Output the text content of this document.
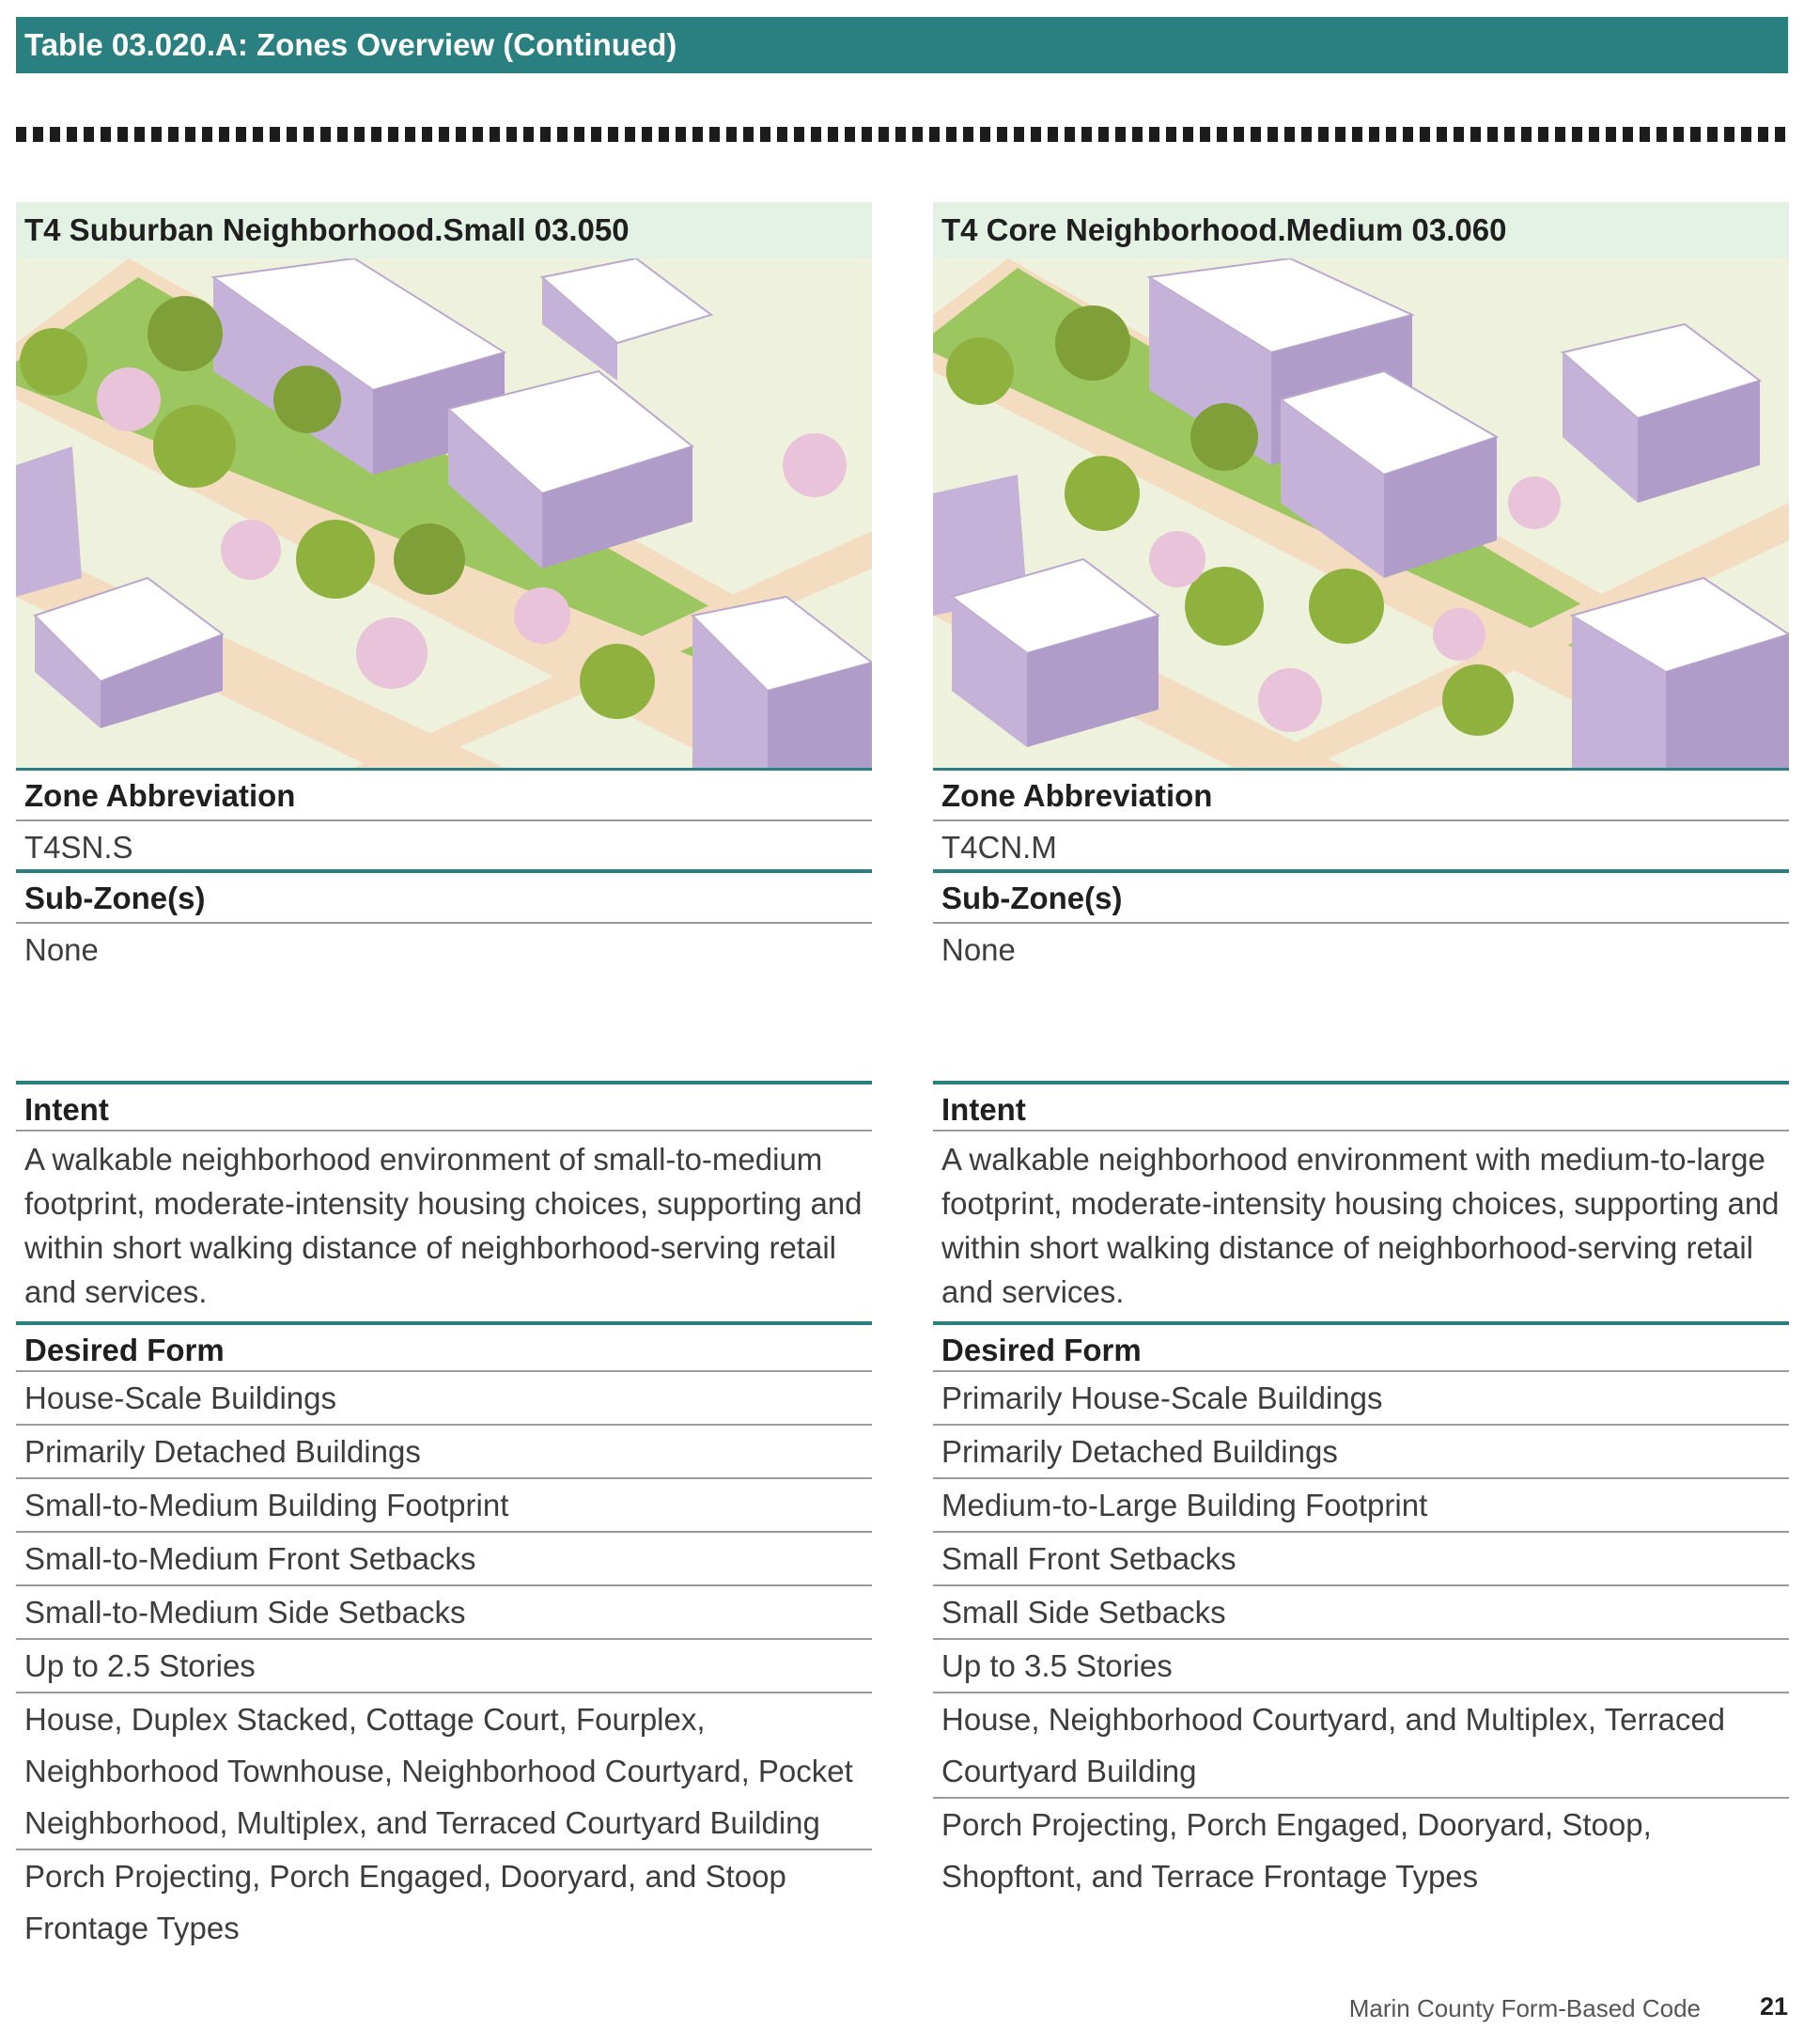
Table 03.020.A: Zones Overview (Continued)
T4 Suburban Neighborhood.Small 03.050
Zone Abbreviation
T4SN.S
Sub-Zone(s)
None
Intent
A walkable neighborhood environment of small-to-medium footprint, moderate-intensity housing choices, supporting and within short walking distance of neighborhood-serving retail and services.
Desired Form
House-Scale Buildings
Primarily Detached Buildings
Small-to-Medium Building Footprint
Small-to-Medium Front Setbacks
Small-to-Medium Side Setbacks
Up to 2.5 Stories
House, Duplex Stacked, Cottage Court, Fourplex, Neighborhood Townhouse, Neighborhood Courtyard, Pocket Neighborhood, Multiplex, and Terraced Courtyard Building
Porch Projecting, Porch Engaged, Dooryard, and Stoop Frontage Types
T4 Core Neighborhood.Medium 03.060
Zone Abbreviation
T4CN.M
Sub-Zone(s)
None
Intent
A walkable neighborhood environment with medium-to-large footprint, moderate-intensity housing choices, supporting and within short walking distance of neighborhood-serving retail and services.
Desired Form
Primarily House-Scale Buildings
Primarily Detached Buildings
Medium-to-Large Building Footprint
Small Front Setbacks
Small Side Setbacks
Up to 3.5 Stories
House, Neighborhood Courtyard, and Multiplex, Terraced Courtyard Building
Porch Projecting, Porch Engaged, Dooryard, Stoop, Shopftont, and Terrace Frontage Types
Marin County Form-Based Code 21
